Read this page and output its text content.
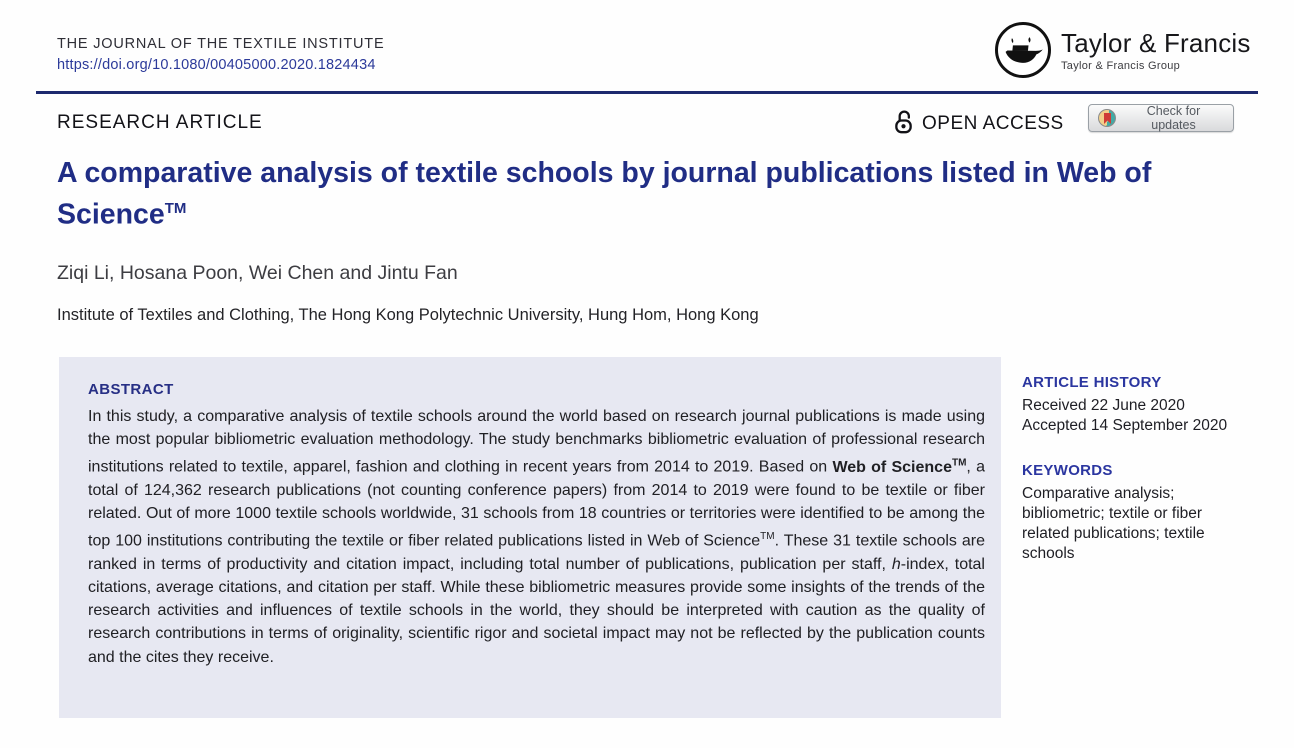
THE JOURNAL OF THE TEXTILE INSTITUTE
https://doi.org/10.1080/00405000.2020.1824434
Taylor & Francis
Taylor & Francis Group
RESEARCH ARTICLE	OPEN ACCESS
Check for updates
A comparative analysis of textile schools by journal publications listed in Web of Science™
Ziqi Li, Hosana Poon, Wei Chen and Jintu Fan
Institute of Textiles and Clothing, The Hong Kong Polytechnic University, Hung Hom, Hong Kong
ABSTRACT

In this study, a comparative analysis of textile schools around the world based on research journal publications is made using the most popular bibliometric evaluation methodology. The study benchmarks bibliometric evaluation of professional research institutions related to textile, apparel, fashion and clothing in recent years from 2014 to 2019. Based on Web of Science™, a total of 124,362 research publications (not counting conference papers) from 2014 to 2019 were found to be textile or fiber related. Out of more 1000 textile schools worldwide, 31 schools from 18 countries or territories were identified to be among the top 100 institutions contributing the textile or fiber related publications listed in Web of Science™. These 31 textile schools are ranked in terms of productivity and citation impact, including total number of publications, publication per staff, h-index, total citations, average citations, and citation per staff. While these bibliometric measures provide some insights of the trends of the research activities and influences of textile schools in the world, they should be interpreted with caution as the quality of research contributions in terms of originality, scientific rigor and societal impact may not be reflected by the publication counts and the cites they receive.

ARTICLE HISTORY
Received 22 June 2020
Accepted 14 September 2020
KEYWORDS
Comparative analysis; bibliometric; textile or fiber related publications; textile schools
